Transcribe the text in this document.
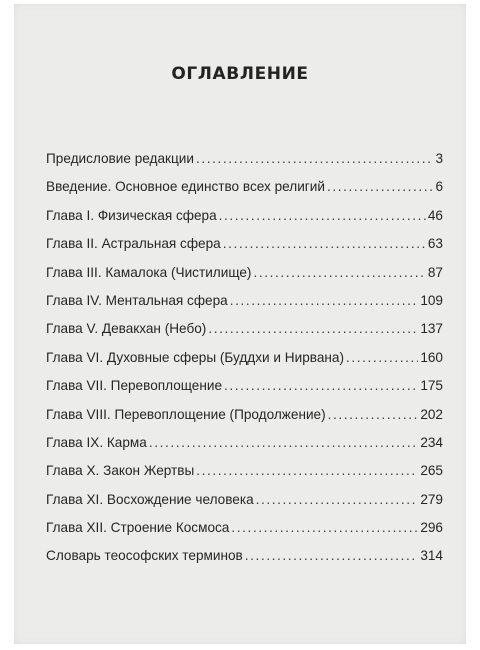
ОГЛАВЛЕНИЕ
Предисловие редакции .....	3
Введение. Основное единство всех религий .....	6
Глава I. Физическая сфера .....	46
Глава II. Астральная сфера .....	63
Глава III. Камалока (Чистилище) .....	87
Глава IV. Ментальная сфера .....	109
Глава V. Девакхан (Небо) .....	137
Глава VI. Духовные сферы (Буддхи и Нирвана) .....	160
Глава VII. Перевоплощение .....	175
Глава VIII. Перевоплощение (Продолжение) .....	202
Глава IX. Карма .....	234
Глава X. Закон Жертвы .....	265
Глава XI. Восхождение человека .....	279
Глава XII. Строение Космоса .....	296
Словарь теософских терминов .....	314
